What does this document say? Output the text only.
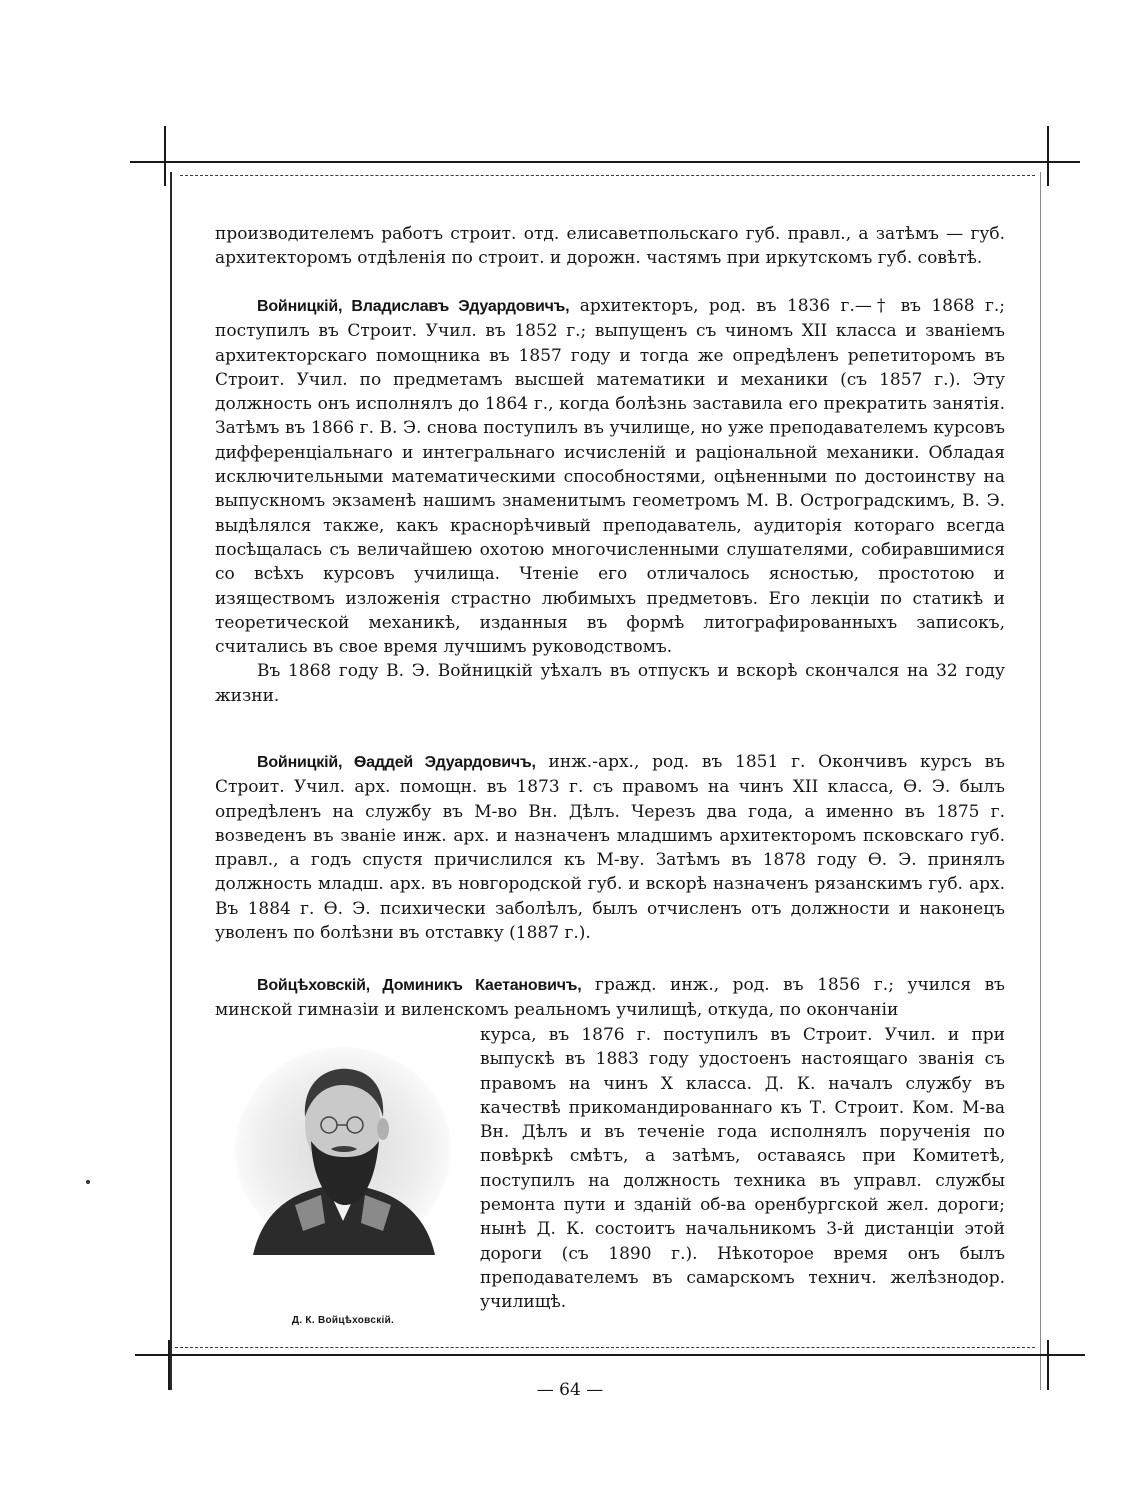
производителемъ работъ строит. отд. елисаветпольскаго губ. правл., а затѣмъ — губ. архитекторомъ отдѣленія по строит. и дорожн. частямъ при иркутскомъ губ. совѣтѣ.

Войницкій, Владиславъ Эдуардовичъ, архитекторъ, род. въ 1836 г.—† въ 1868 г.; поступилъ въ Строит. Учил. въ 1852 г.; выпущенъ съ чиномъ XII класса и званіемъ архитекторскаго помощника въ 1857 году и тогда же опредѣленъ репетиторомъ въ Строит. Учил. по предметамъ высшей математики и механики (съ 1857 г.). Эту должность онъ исполнялъ до 1864 г., когда болѣзнь заставила его прекратить занятія. Затѣмъ въ 1866 г. В. Э. снова поступилъ въ училище, но уже преподавателемъ курсовъ дифференціальнаго и интегральнаго исчисленій и раціональной механики. Обладая исключительными математическими способностями, оцѣненными по достоинству на выпускномъ экзаменѣ нашимъ знаменитымъ геометромъ М. В. Остроградскимъ, В. Э. выдѣлялся также, какъ краснорѣчивый преподаватель, аудиторія котораго всегда посѣщалась съ величайшею охотою многочисленными слушателями, собиравшимися со всѣхъ курсовъ училища. Чтеніе его отличалось ясностью, простотою и изяществомъ изложенія страстно любимыхъ предметовъ. Его лекціи по статикѣ и теоретической механикѣ, изданныя въ формѣ литографированныхъ записокъ, считались въ свое время лучшимъ руководствомъ.

Въ 1868 году В. Э. Войницкій уѣхалъ въ отпускъ и вскорѣ скончался на 32 году жизни.

Войницкій, Ѳаддей Эдуардовичъ, инж.-арх., род. въ 1851 г. Окончивъ курсъ въ Строит. Учил. арх. помощн. въ 1873 г. съ правомъ на чинъ XII класса, Ѳ. Э. былъ опредѣленъ на службу въ М-во Вн. Дѣлъ. Черезъ два года, а именно въ 1875 г. возведенъ въ званіе инж. арх. и назначенъ младшимъ архитекторомъ псковскаго губ. правл., а годъ спустя причислился къ М-ву. Затѣмъ въ 1878 году Ѳ. Э. принялъ должность младш. арх. въ новгородской губ. и вскорѣ назначенъ рязанскимъ губ. арх. Въ 1884 г. Ѳ. Э. психически заболѣлъ, былъ отчисленъ отъ должности и наконецъ уволенъ по болѣзни въ отставку (1887 г.).

Войцѣховскій, Доминикъ Каетановичъ, гражд. инж., род. въ 1856 г.; учился въ минской гимназіи и виленскомъ реальномъ училищѣ, откуда, по окончаніи

курса, въ 1876 г. поступилъ въ Строит. Учил. и при выпускѣ въ 1883 году удостоенъ настоящаго званія съ правомъ на чинъ X класса. Д. К. началъ службу въ качествѣ прикомандированнаго къ Т. Строит. Ком. М-ва Вн. Дѣлъ и въ теченіе года исполнялъ порученія по повѣркѣ смѣтъ, а затѣмъ, оставаясь при Комитетѣ, поступилъ на должность техника въ управл. службы ремонта пути и зданій об-ва оренбургской жел. дороги; нынѣ Д. К. состоитъ начальникомъ 3-й дистанціи этой дороги (съ 1890 г.). Нѣкоторое время онъ былъ преподавателемъ въ самарскомъ технич. желѣзнодор. училищѣ.

Д. К. Войцѣховскій.
— 64 —
